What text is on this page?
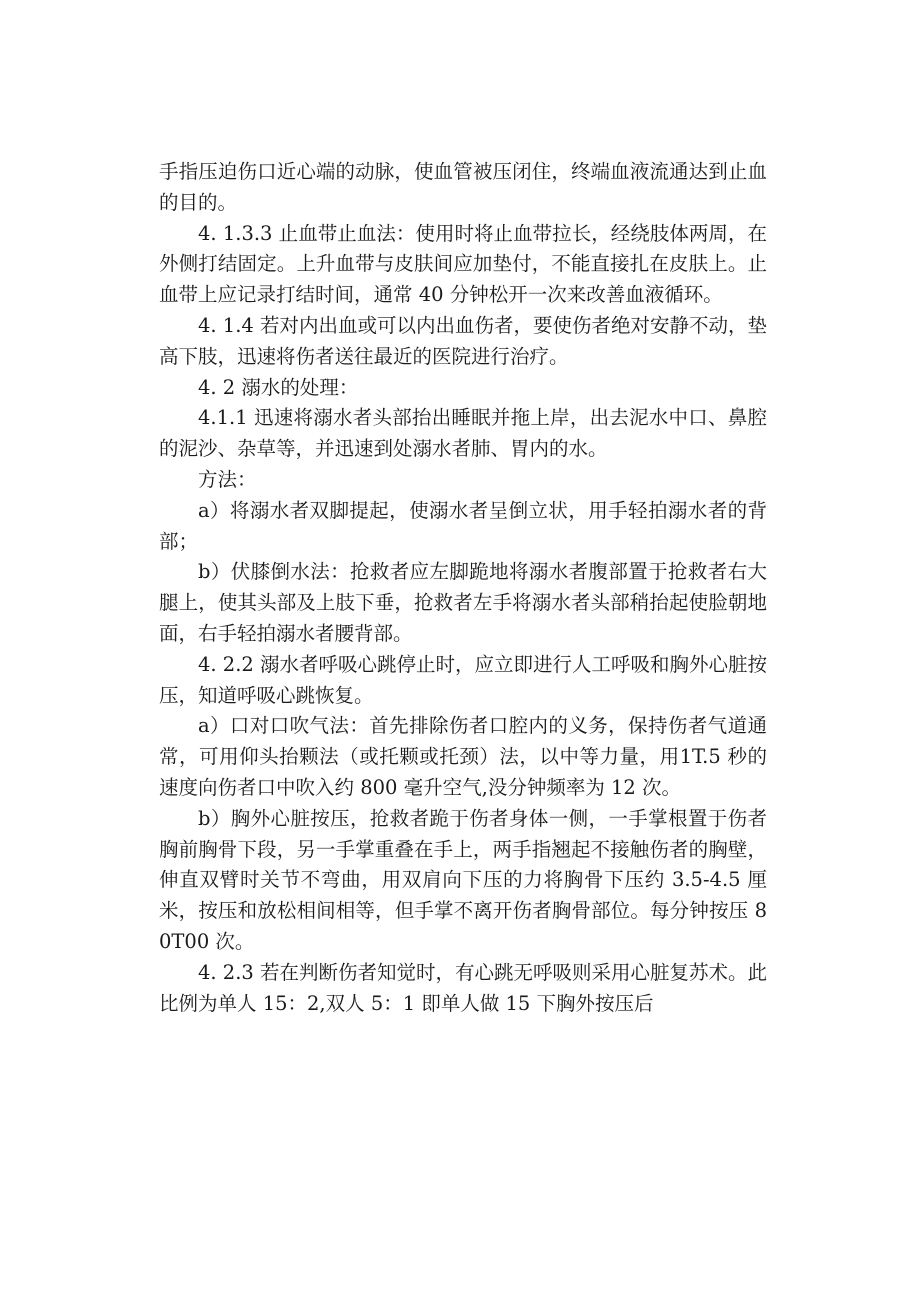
手指压迫伤口近心端的动脉，使血管被压闭住，终端血液流通达到止血的目的。

4. 1.3.3 止血带止血法：使用时将止血带拉长，经绕肢体两周，在外侧打结固定。上升血带与皮肤间应加垫付，不能直接扎在皮肤上。止血带上应记录打结时间，通常 40 分钟松开一次来改善血液循环。

4. 1.4 若对内出血或可以内出血伤者，要使伤者绝对安静不动，垫高下肢，迅速将伤者送往最近的医院进行治疗。

4. 2 溺水的处理：

4.1.1 迅速将溺水者头部抬出睡眠并拖上岸，出去泥水中口、鼻腔的泥沙、杂草等，并迅速到处溺水者肺、胃内的水。

方法：

a）将溺水者双脚提起，使溺水者呈倒立状，用手轻拍溺水者的背部；

b）伏膝倒水法：抢救者应左脚跪地将溺水者腹部置于抢救者右大腿上，使其头部及上肢下垂，抢救者左手将溺水者头部稍抬起使脸朝地面，右手轻拍溺水者腰背部。

4. 2.2 溺水者呼吸心跳停止时，应立即进行人工呼吸和胸外心脏按压，知道呼吸心跳恢复。

a）口对口吹气法：首先排除伤者口腔内的义务，保持伤者气道通常，可用仰头抬颗法（或托颗或托颈）法，以中等力量，用1T.5 秒的速度向伤者口中吹入约 800 毫升空气,没分钟频率为 12 次。

b）胸外心脏按压，抢救者跪于伤者身体一侧，一手掌根置于伤者胸前胸骨下段，另一手掌重叠在手上，两手指翘起不接触伤者的胸壁，伸直双臂时关节不弯曲，用双肩向下压的力将胸骨下压约 3.5-4.5 厘米，按压和放松相间相等，但手掌不离开伤者胸骨部位。每分钟按压 80T00 次。

4. 2.3 若在判断伤者知觉时，有心跳无呼吸则采用心脏复苏术。此比例为单人 15：2,双人 5：1 即单人做 15 下胸外按压后
